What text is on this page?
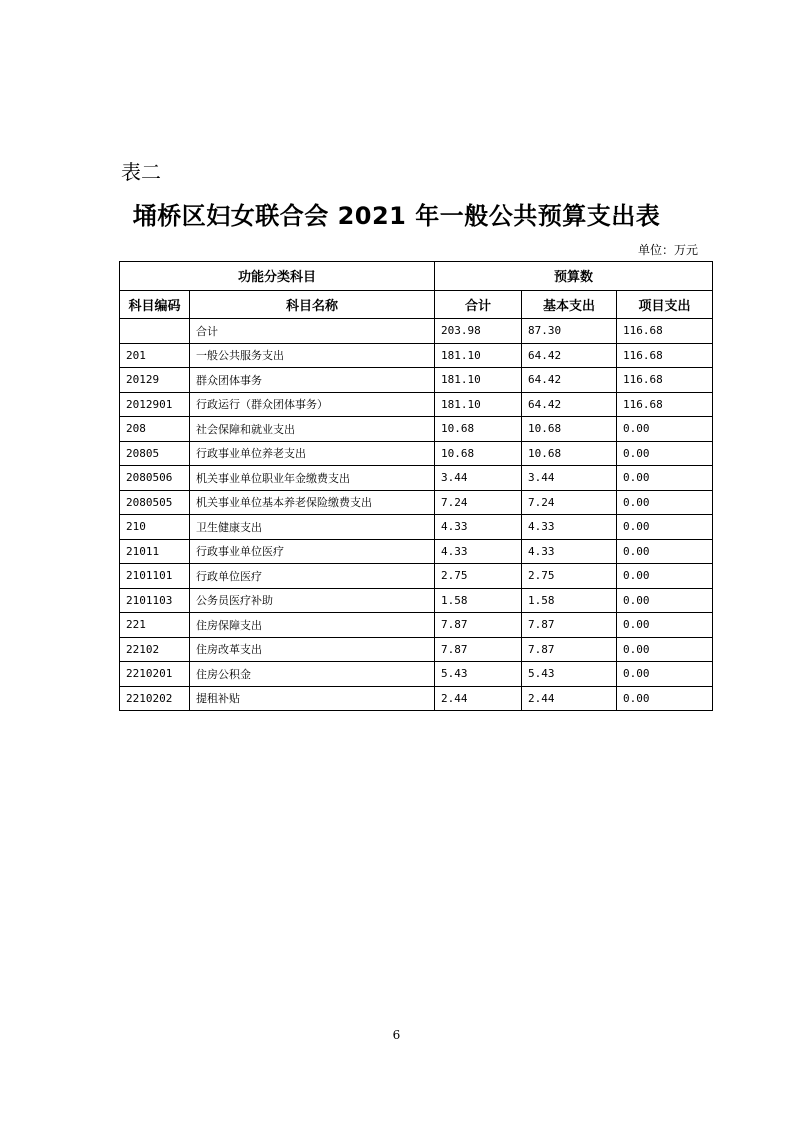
表二
埇桥区妇女联合会 2021 年一般公共预算支出表
单位：万元
功能分类科目		预算数		
科目编码	科目名称	合计	基本支出	项目支出
	合计	203.98	87.30	116.68
201	一般公共服务支出	181.10	64.42	116.68
20129	群众团体事务	181.10	64.42	116.68
2012901	行政运行（群众团体事务）	181.10	64.42	116.68
208	社会保障和就业支出	10.68	10.68	0.00
20805	行政事业单位养老支出	10.68	10.68	0.00
2080506	机关事业单位职业年金缴费支出	3.44	3.44	0.00
2080505	机关事业单位基本养老保险缴费支出	7.24	7.24	0.00
210	卫生健康支出	4.33	4.33	0.00
21011	行政事业单位医疗	4.33	4.33	0.00
2101101	行政单位医疗	2.75	2.75	0.00
2101103	公务员医疗补助	1.58	1.58	0.00
221	住房保障支出	7.87	7.87	0.00
22102	住房改革支出	7.87	7.87	0.00
2210201	住房公积金	5.43	5.43	0.00
2210202	提租补贴	2.44	2.44	0.00
6
